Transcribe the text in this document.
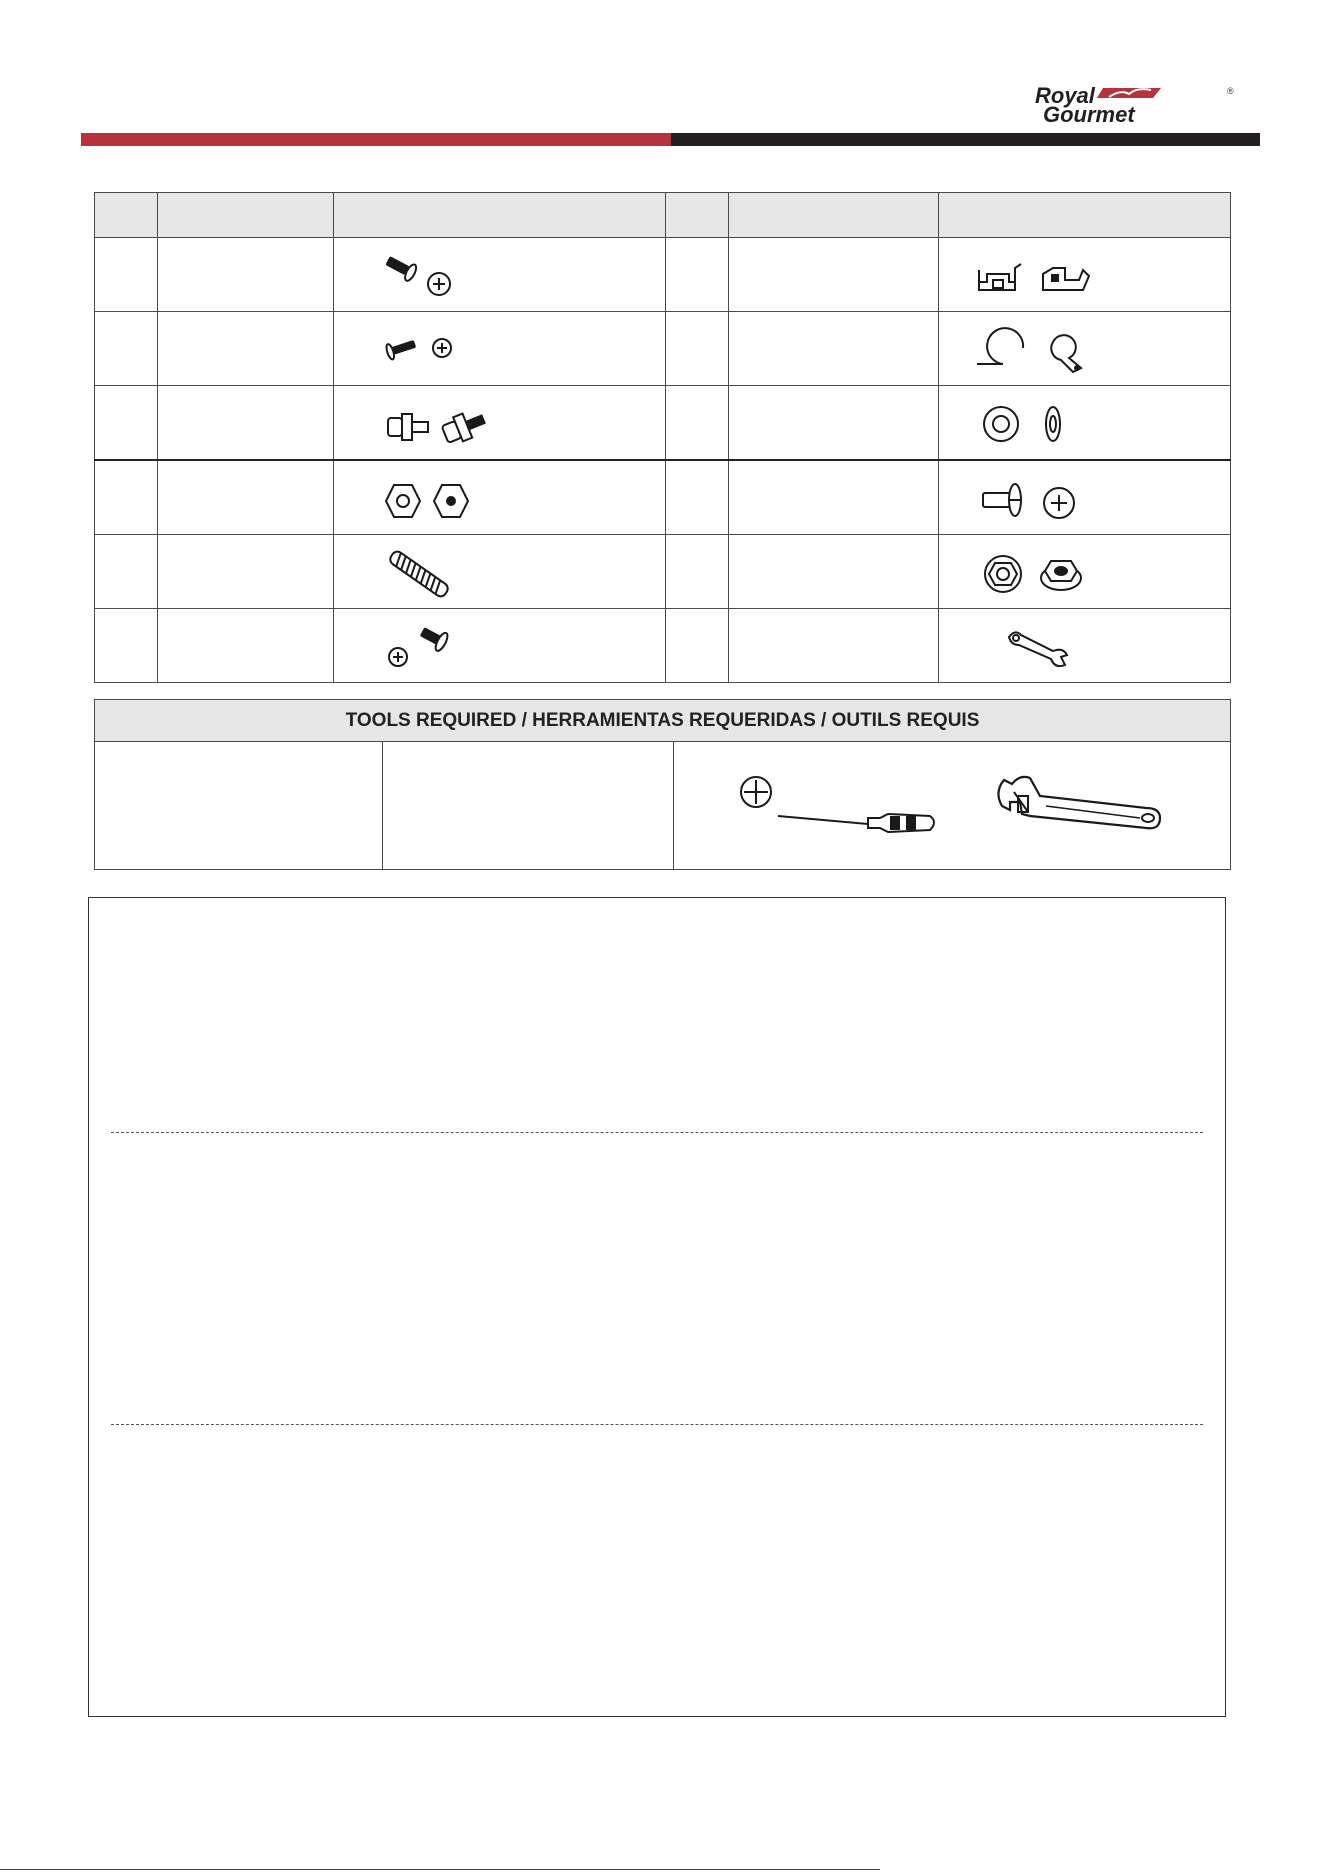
Royal
Gourmet
®

TOOLS REQUIRED / HERRAMIENTAS REQUERIDAS / OUTILS REQUIS
